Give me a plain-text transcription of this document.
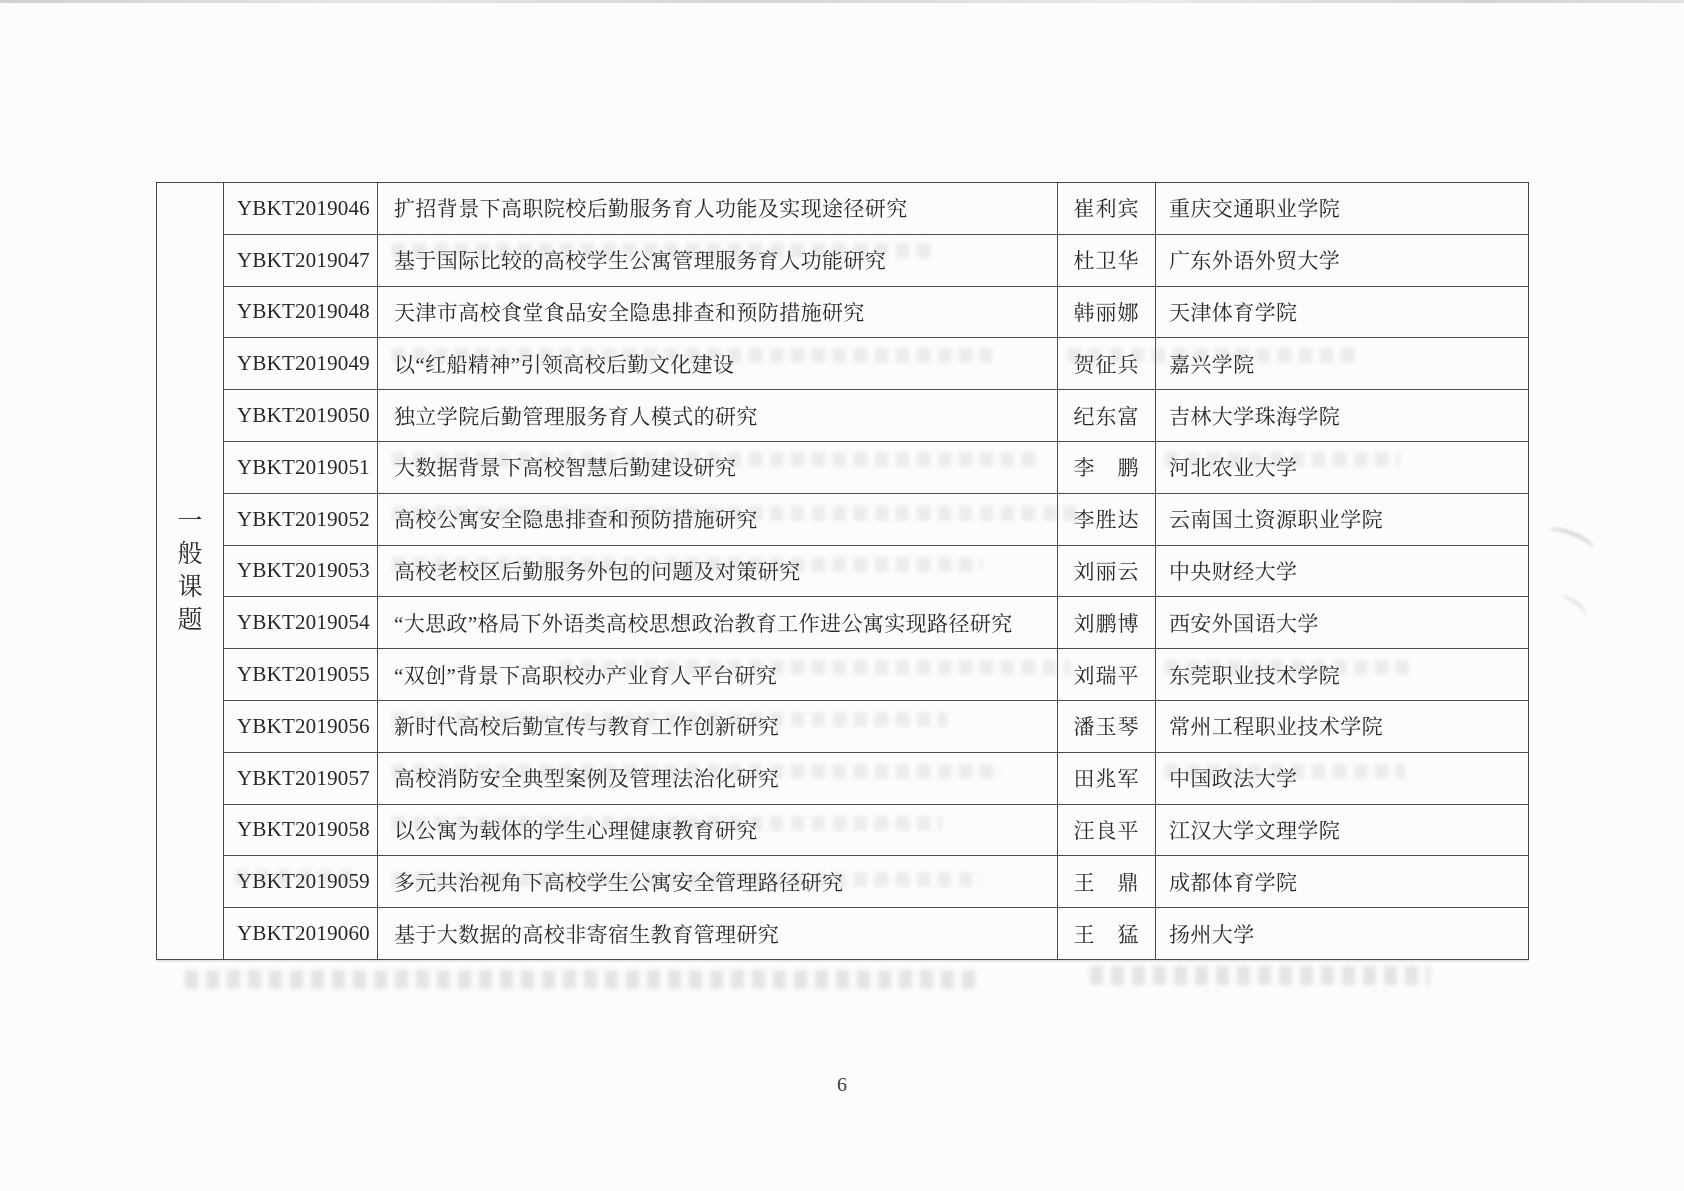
一般课题
YBKT2019046	扩招背景下高职院校后勤服务育人功能及实现途径研究	崔利宾	重庆交通职业学院
YBKT2019047	基于国际比较的高校学生公寓管理服务育人功能研究	杜卫华	广东外语外贸大学
YBKT2019048	天津市高校食堂食品安全隐患排查和预防措施研究	韩丽娜	天津体育学院
YBKT2019049	以“红船精神”引领高校后勤文化建设	贺征兵	嘉兴学院
YBKT2019050	独立学院后勤管理服务育人模式的研究	纪东富	吉林大学珠海学院
YBKT2019051	大数据背景下高校智慧后勤建设研究	李　鹏	河北农业大学
YBKT2019052	高校公寓安全隐患排查和预防措施研究	李胜达	云南国土资源职业学院
YBKT2019053	高校老校区后勤服务外包的问题及对策研究	刘丽云	中央财经大学
YBKT2019054	“大思政”格局下外语类高校思想政治教育工作进公寓实现路径研究	刘鹏博	西安外国语大学
YBKT2019055	“双创”背景下高职校办产业育人平台研究	刘瑞平	东莞职业技术学院
YBKT2019056	新时代高校后勤宣传与教育工作创新研究	潘玉琴	常州工程职业技术学院
YBKT2019057	高校消防安全典型案例及管理法治化研究	田兆军	中国政法大学
YBKT2019058	以公寓为载体的学生心理健康教育研究	汪良平	江汉大学文理学院
YBKT2019059	多元共治视角下高校学生公寓安全管理路径研究	王　鼎	成都体育学院
YBKT2019060	基于大数据的高校非寄宿生教育管理研究	王　猛	扬州大学
6
